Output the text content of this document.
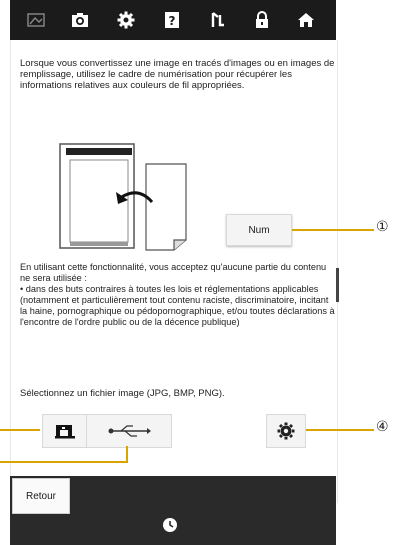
?
Lorsque vous convertissez une image en tracés d'images ou en images de remplissage, utilisez le cadre de numérisation pour récupérer les informations relatives aux couleurs de fil appropriées.
Num	①
En utilisant cette fonctionnalité, vous acceptez qu'aucune partie du contenu ne sera utilisée :
• dans des buts contraires à toutes les lois et réglementations applicables (notamment et particulièrement tout contenu raciste, discriminatoire, incitant la haine, pornographique ou pédopornographique, et/ou toutes déclarations à l'encontre de l'ordre public ou de la décence publique)
Sélectionnez un fichier image (JPG, BMP, PNG).
④
Retour
